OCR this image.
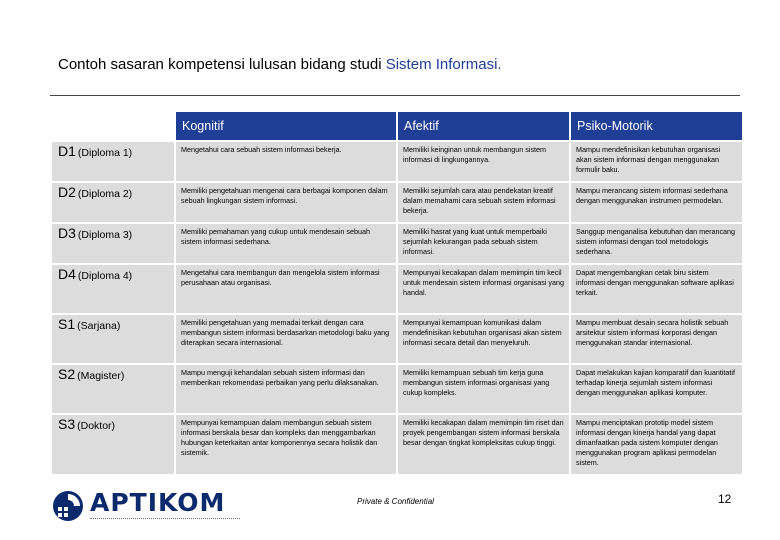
Contoh sasaran kompetensi lulusan bidang studi Sistem Informasi.
	Kognitif	Afektif	Psiko-Motorik
D1 (Diploma 1)	Mengetahui cara sebuah sistem informasi bekerja.	Memiliki keinginan untuk membangun sistem informasi di lingkungannya.	Mampu mendefinisikan kebutuhan organisasi akan sistem informasi dengan menggunakan formulir baku.
D2 (Diploma 2)	Memiliki pengetahuan mengenai cara berbagai komponen dalam sebuah lingkungan sistem informasi.	Memiliki sejumlah cara atau pendekatan kreatif dalam memahami cara sebuah sistem informasi bekerja.	Mampu merancang sistem informasi sederhana dengan menggunakan instrumen permodelan.
D3 (Diploma 3)	Memiliki pemahaman yang cukup untuk mendesain sebuah sistem informasi sederhana.	Memiliki hasrat yang kuat untuk memperbaiki sejumlah kekurangan pada sebuah sistem informasi.	Sanggup menganalisa kebutuhan dan merancang sistem informasi dengan tool metodologis sederhana.
D4 (Diploma 4)	Mengetahui cara membangun dan mengelola sistem informasi perusahaan atau organisasi.	Mempunyai kecakapan dalam memimpin tim kecil untuk mendesain sistem informasi organisasi yang handal.	Dapat mengembangkan cetak biru sistem informasi dengan menggunakan software aplikasi terkait.
S1 (Sarjana)	Memiliki pengetahuan yang memadai terkait dengan cara membangun sistem informasi berdasarkan metodologi baku yang diterapkan secara internasional.	Mempunyai kemampuan komunikasi dalam mendefinisikan kebutuhan organisasi akan sistem informasi secara detail dan menyeluruh.	Mampu membuat desain secara holistik sebuah arsitektur sistem informasi korporasi dengan menggunakan standar internasional.
S2 (Magister)	Mampu menguji kehandalan sebuah sistem informasi dan memberikan rekomendasi perbaikan yang perlu dilaksanakan.	Memiliki kemampuan sebuah tim kerja guna membangun sistem informasi organisasi yang cukup kompleks.	Dapat melakukan kajian komparatif dan kuantitatif terhadap kinerja sejumlah sistem informasi dengan menggunakan aplikasi komputer.
S3 (Doktor)	Mempunyai kemampuan dalam membangun sebuah sistem informasi berskala besar dan kompleks dan menggambarkan hubungan keterkaitan antar komponennya secara holistik dan sistemik.	Memiliki kecakapan dalam memimpin tim riset dan proyek pengembangan sistem informasi berskala besar dengan tingkat kompleksitas cukup tinggi.	Mampu menciptakan prototip model sistem informasi dengan kinerja handal yang dapat dimanfaatkan pada sistem komputer dengan menggunakan program aplikasi permodelan sistem.
APTIKOM	Private & Confidential	12
